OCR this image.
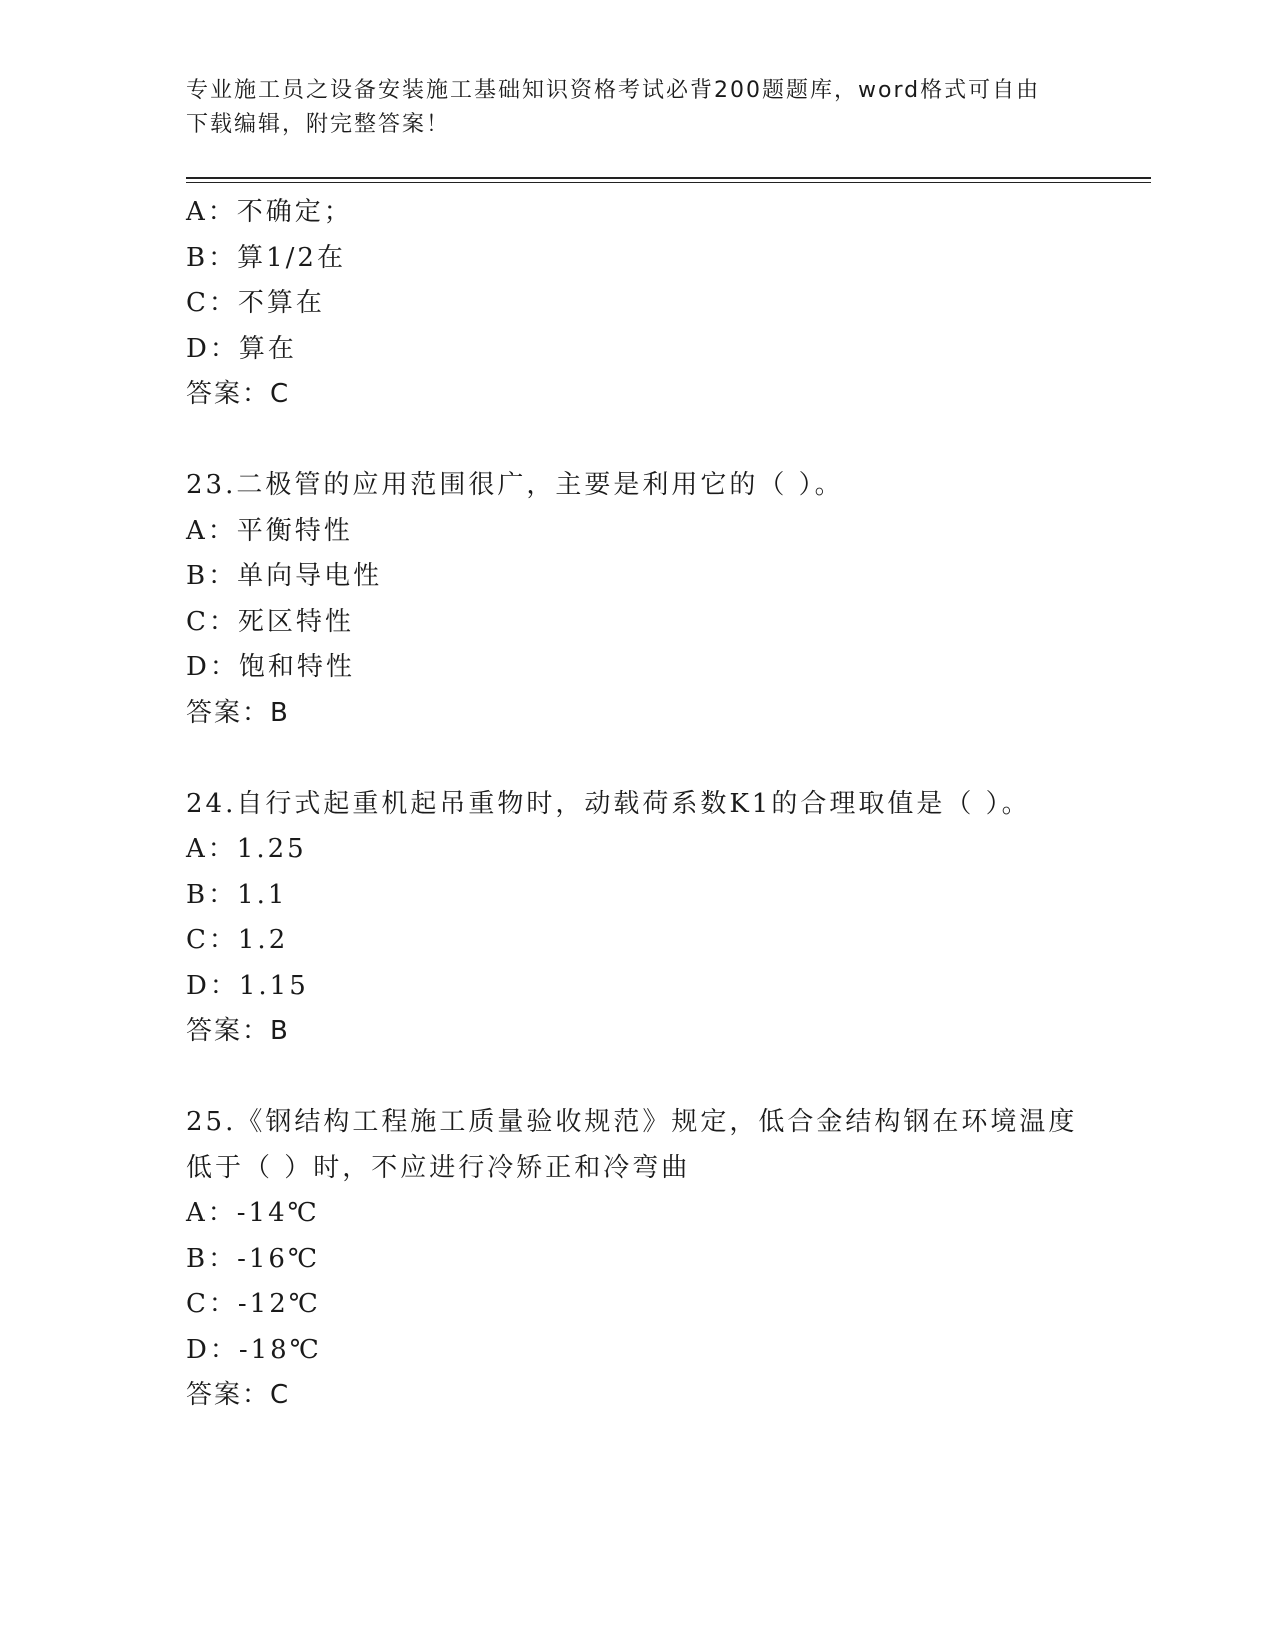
专业施工员之设备安装施工基础知识资格考试必背200题题库，word格式可自由
下载编辑，附完整答案！
A：不确定；
B：算1/2在
C：不算在
D：算在
答案：C
23.二极管的应用范围很广，主要是利用它的（ ）。
A：平衡特性
B：单向导电性
C：死区特性
D：饱和特性
答案：B
24.自行式起重机起吊重物时，动载荷系数K1的合理取值是（ ）。
A：1.25
B：1.1
C：1.2
D：1.15
答案：B
25.《钢结构工程施工质量验收规范》规定，低合金结构钢在环境温度
低于（ ）时，不应进行冷矫正和冷弯曲
A：-14℃
B：-16℃
C：-12℃
D：-18℃
答案：C
